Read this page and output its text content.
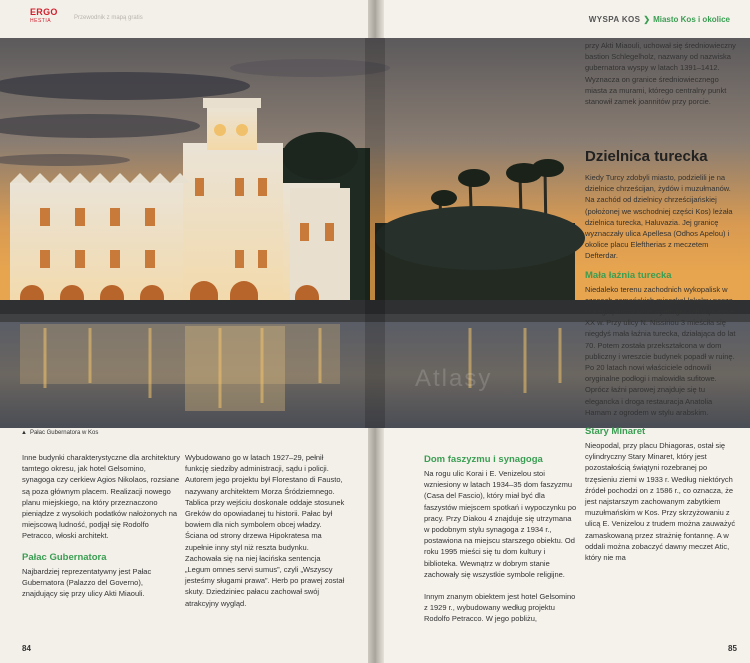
ERGO
HESTIA	Przewodnik z mapą gratis	WYSPA KOS ❯ Miasto Kos i okolice
Atlasy
▲ Pałac Gubernatora w Kos

Inne budynki charakterystyczne dla architektury tamtego okresu, jak hotel Gelsomino, synagoga czy cerkiew Agios Nikolaos, rozsiane są poza głównym placem. Realizacji nowego planu miejskiego, na który przeznaczono pieniądze z wysokich podatków nałożonych na miejscową ludność, podjął się Rodolfo Petracco, włoski architekt.

Pałac Gubernatora

Najbardziej reprezentatywny jest Pałac Gubernatora (Palazzo del Governo), znajdujący się przy ulicy Akti Miaouli.

Wybudowano go w latach 1927–29, pełnił funkcję siedziby administracji, sądu i policji. Autorem jego projektu był Florestano di Fausto, nazywany architektem Morza Śródziemnego. Tablica przy wejściu doskonale oddaje stosunek Greków do opowiadanej tu historii. Pałac był bowiem dla nich symbolem obcej władzy. Ściana od strony drzewa Hipokratesa ma zupełnie inny styl niż reszta budynku. Zachowała się na niej łacińska sentencja „Legum omnes servi sumus”, czyli „Wszyscy jesteśmy sługami prawa”. Herb po prawej został skuty. Dziedziniec pałacu zachował swój atrakcyjny wygląd.

Dom faszyzmu i synagoga

Na rogu ulic Korai i E. Venizelou stoi wzniesiony w latach 1934–35 dom faszyzmu (Casa del Fascio), który miał być dla faszystów miejscem spotkań i wypoczynku po pracy. Przy Diakou 4 znajduje się utrzymana w podobnym stylu synagoga z 1934 r., postawiona na miejscu starszego obiektu. Od roku 1995 mieści się tu dom kultury i biblioteka. Wewnątrz w dobrym stanie zachowały się wszystkie symbole religijne.

Innym znanym obiektem jest hotel Gelsomino z 1929 r., wybudowany według projektu Rodolfo Petracco. W jego pobliżu,

przy Akti Miaouli, uchował się średniowieczny bastion Schlegelholz, nazwany od nazwiska gubernatora wyspy w latach 1391–1412. Wyznacza on granice średniowiecznego miasta za murami, którego centralny punkt stanowił zamek joannitów przy porcie.

Dzielnica turecka

Kiedy Turcy zdobyli miasto, podzielili je na dzielnice chrześcijan, żydów i muzułmanów. Na zachód od dzielnicy chrześcijańskiej (położonej we wschodniej części Kos) leżała dzielnica turecka, Haluvazia. Jej granicę wyznaczały ulica Apellesa (Odhos Apelou) i okolice placu Eleftherias z meczetem Defterdar.

Mała łaźnia turecka

Niedaleko terenu zachodnich wykopalisk w czasach osmańskich mieszkał lokalny pasza, którego potomkowie wyemigrowali w połowie XX w. Przy ulicy N. Nissiriou 3 mieściła się niegdyś mała łaźnia turecka, działająca do lat 70. Potem została przekształcona w dom publiczny i wreszcie budynek popadł w ruinę. Po 20 latach nowi właściciele odnowili oryginalne podłogi i malowidła sufitowe. Oprócz łaźni parowej znajduje się tu elegancka i droga restauracja Anatolia Hamam z ogrodem w stylu arabskim.

Stary Minaret

Nieopodal, przy placu Dhiagoras, ostał się cylindryczny Stary Minaret, który jest pozostałością świątyni rozebranej po trzęsieniu ziemi w 1933 r. Według niektórych źródeł pochodzi on z 1586 r., co oznacza, że jest najstarszym zachowanym zabytkiem muzułmańskim w Kos. Przy skrzyżowaniu z ulicą E. Venizelou z trudem można zauważyć zamaskowaną przez strażnię fontannę. A w oddali można zobaczyć dawny meczet Atic, który nie ma

84	85
